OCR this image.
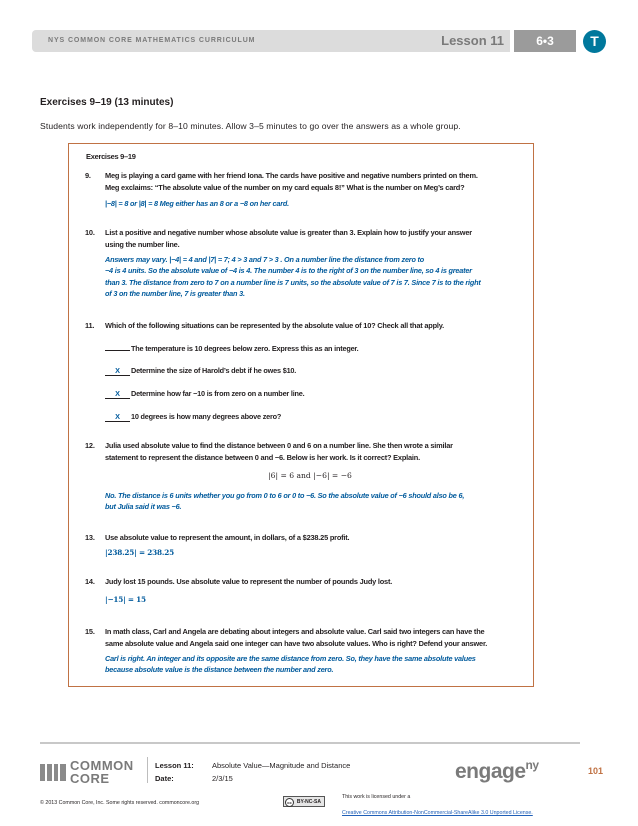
NYS COMMON CORE MATHEMATICS CURRICULUM	Lesson 11	6•3	T
Exercises 9–19 (13 minutes)
Students work independently for 8–10 minutes. Allow 3–5 minutes to go over the answers as a whole group.
Exercises 9–19
9. Meg is playing a card game with her friend Iona. The cards have positive and negative numbers printed on them.
Meg exclaims: “The absolute value of the number on my card equals 8!” What is the number on Meg’s card?
|−8| = 8 or |8| = 8 Meg either has an 8 or a −8 on her card.
10. List a positive and negative number whose absolute value is greater than 3. Explain how to justify your answer
using the number line.
Answers may vary. |−4| = 4 and |7| = 7; 4 > 3 and 7 > 3 . On a number line the distance from zero to
−4 is 4 units. So the absolute value of −4 is 4. The number 4 is to the right of 3 on the number line, so 4 is greater
than 3. The distance from zero to 7 on a number line is 7 units, so the absolute value of 7 is 7. Since 7 is to the right
of 3 on the number line, 7 is greater than 3.
11. Which of the following situations can be represented by the absolute value of 10? Check all that apply.
The temperature is 10 degrees below zero. Express this as an integer.
X Determine the size of Harold’s debt if he owes $10.
X Determine how far −10 is from zero on a number line.
X 10 degrees is how many degrees above zero?
12. Julia used absolute value to find the distance between 0 and 6 on a number line. She then wrote a similar
statement to represent the distance between 0 and −6. Below is her work. Is it correct? Explain.
|6| = 6 and |−6| = −6
No. The distance is 6 units whether you go from 0 to 6 or 0 to −6. So the absolute value of −6 should also be 6,
but Julia said it was −6.
13. Use absolute value to represent the amount, in dollars, of a $238.25 profit.
|238.25| = 238.25
14. Judy lost 15 pounds. Use absolute value to represent the number of pounds Judy lost.
|−15| = 15
15. In math class, Carl and Angela are debating about integers and absolute value. Carl said two integers can have the
same absolute value and Angela said one integer can have two absolute values. Who is right? Defend your answer.
Carl is right. An integer and its opposite are the same distance from zero. So, they have the same absolute values
because absolute value is the distance between the number and zero.
COMMON
CORE
Lesson 11:
Date:
Absolute Value—Magnitude and Distance
2/3/15	engage$^{ny}$	101
© 2013 Common Core, Inc. Some rights reserved. commoncore.org	cc	BY-NC-SA
This work is licensed under a
Creative Commons Attribution-NonCommercial-ShareAlike 3.0 Unported License.
